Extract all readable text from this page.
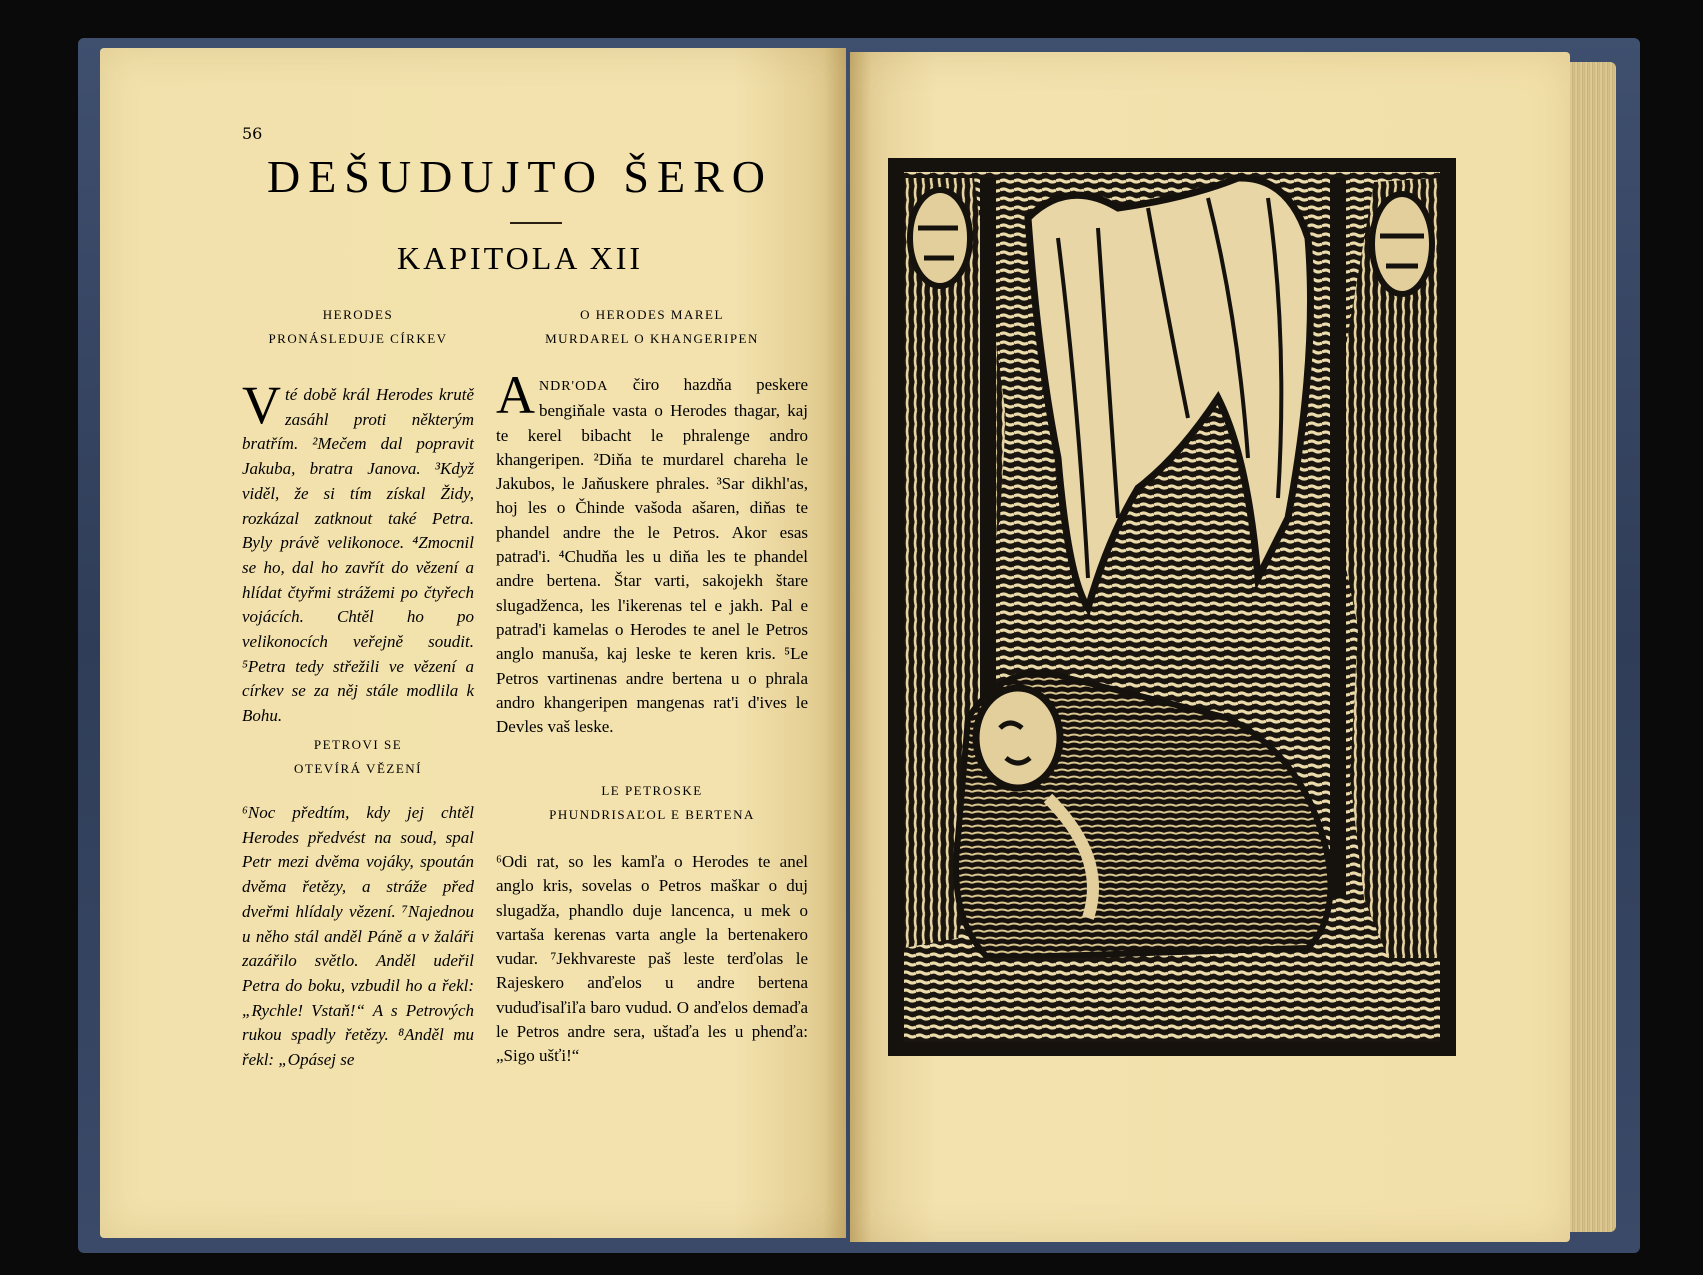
56
DEŠUDUJTO ŠERO
KAPITOLA XII
HERODES
PRONÁSLEDUJE CÍRKEV

Vté době král Herodes krutě zasáhl proti některým bratřím. ²Mečem dal popravit Jakuba, bratra Janova. ³Když viděl, že si tím získal Židy, rozkázal zatknout také Petra. Byly právě velikonoce. ⁴Zmocnil se ho, dal ho zavřít do vězení a hlídat čtyřmi strážemi po čtyřech vojácích. Chtěl ho po velikonocích veřejně soudit. ⁵Petra tedy střežili ve vězení a církev se za něj stále modlila k Bohu.

PETROVI SE
OTEVÍRÁ VĚZENÍ

⁶Noc předtím, kdy jej chtěl Herodes předvést na soud, spal Petr mezi dvěma vojáky, spoután dvěma řetězy, a stráže před dveřmi hlídaly vězení. ⁷Najednou u něho stál anděl Páně a v žaláři zazářilo světlo. Anděl udeřil Petra do boku, vzbudil ho a řekl: „Rychle! Vstaň!“ A s Petrových rukou spadly řetězy. ⁸Anděl mu řekl: „Opásej se

O HERODES MAREL
MURDAREL O KHANGERIPEN

ANDR'ODA čiro hazdňa peskere bengiňale vasta o Herodes thagar, kaj te kerel bibacht le phralenge andro khangeripen. ²Diňa te murdarel chareha le Jakubos, le Jaňuskere phrales. ³Sar dikhl'as, hoj les o Čhinde vašoda ašaren, diňas te phandel andre the le Petros. Akor esas patrad'i. ⁴Chudňa les u diňa les te phandel andre bertena. Štar varti, sakojekh štare slugadženca, les l'ikerenas tel e jakh. Pal e patrad'i kamelas o Herodes te anel le Petros anglo manuša, kaj leske te keren kris. ⁵Le Petros vartinenas andre bertena u o phrala andro khangeripen mangenas rat'i d'ives le Devles vaš leske.

LE PETROSKE
PHUNDRISAĽOL E BERTENA

⁶Odi rat, so les kamľa o Herodes te anel anglo kris, sovelas o Petros maškar o duj slugadža, phandlo duje lancenca, u mek o vartaša kerenas varta angle la bertenakero vudar. ⁷Jekhvareste paš leste terďolas le Rajeskero anďelos u andre bertena vuduďisaľiľa baro vudud. O anďelos demaďa le Petros andre sera, uštaďa les u phenďa: „Sigo ušťi!“
